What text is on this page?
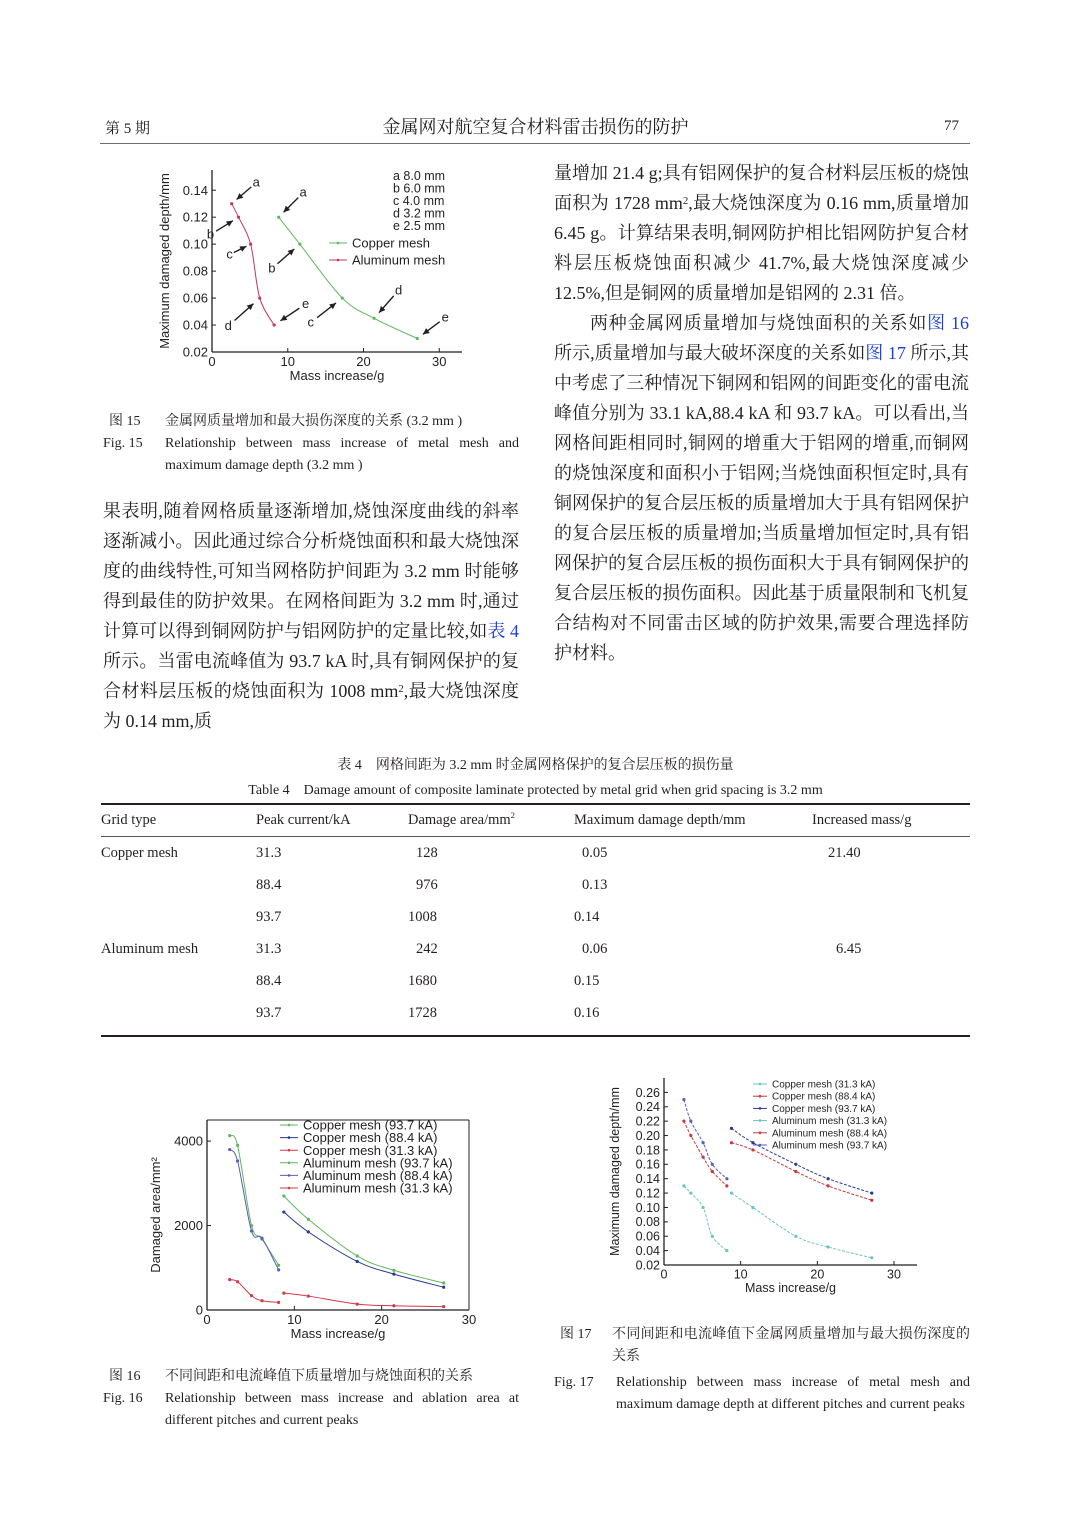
第 5 期	金属网对航空复合材料雷击损伤的防护	77
0	10	20	30
0.02
0.04
0.06
0.08
0.10
0.12
0.14
Mass increase/g
Maximum damaged depth/mm	Copper mesh
Aluminum mesh
a 8.0 mm
b 6.0 mm
c 4.0 mm
d 3.2 mm
e 2.5 mm
a
b
c
d
e
a
b
c
d
e
图 15	金属网质量增加和最大损伤深度的关系 (3.2 mm )
Fig. 15	Relationship between mass increase of metal mesh and maximum damage depth (3.2 mm )

果表明,随着网格质量逐渐增加,烧蚀深度曲线的斜率逐渐减小。因此通过综合分析烧蚀面积和最大烧蚀深度的曲线特性,可知当网格防护间距为 3.2 mm 时能够得到最佳的防护效果。在网格间距为 3.2 mm 时,通过计算可以得到铜网防护与铝网防护的定量比较,如表 4 所示。当雷电流峰值为 93.7 kA 时,具有铜网保护的复合材料层压板的烧蚀面积为 1008 $mm^2$,最大烧蚀深度为 0.14 mm,质

量增加 21.4 g;具有铝网保护的复合材料层压板的烧蚀面积为 1728 $mm^2$,最大烧蚀深度为 0.16 mm,质量增加 6.45 g。计算结果表明,铜网防护相比铝网防护复合材料层压板烧蚀面积减少 41.7%,最大烧蚀深度减少 12.5%,但是铜网的质量增加是铝网的 2.31 倍。

两种金属网质量增加与烧蚀面积的关系如图 16 所示,质量增加与最大破坏深度的关系如图 17 所示,其中考虑了三种情况下铜网和铝网的间距变化的雷电流峰值分别为 33.1 kA,88.4 kA 和 93.7 kA。可以看出,当网格间距相同时,铜网的增重大于铝网的增重,而铜网的烧蚀深度和面积小于铝网;当烧蚀面积恒定时,具有铜网保护的复合层压板的质量增加大于具有铝网保护的复合层压板的质量增加;当质量增加恒定时,具有铝网保护的复合层压板的损伤面积大于具有铜网保护的复合层压板的损伤面积。因此基于质量限制和飞机复合结构对不同雷击区域的防护效果,需要合理选择防护材料。

表 4　网格间距为 3.2 mm 时金属网格保护的复合层压板的损伤量
Table 4　Damage amount of composite laminate protected by metal grid when grid spacing is 3.2 mm
Grid type	Peak current/kA	Damage area/$mm^2$	Maximum damage depth/mm	Increased mass/g
Copper mesh	31.3	128	0.05	21.40
88.4	976	0.13
93.7	1008	0.14
Aluminum mesh	31.3	242	0.06	6.45
88.4	1680	0.15
93.7	1728	0.16
0	10	20	30
0
2000
4000
Mass increase/g
Damaged area/mm²
Copper mesh (93.7 kA)
Copper mesh (88.4 kA)
Copper mesh (31.3 kA)
Aluminum mesh (93.7 kA)
Aluminum mesh (88.4 kA)
Aluminum mesh (31.3 kA)
图 16	不同间距和电流峰值下质量增加与烧蚀面积的关系
Fig. 16	Relationship between mass increase and ablation area at different pitches and current peaks
0	10	20	30
0.02
0.04
0.06
0.08
0.10
0.12
0.14
0.16
0.18
0.20
0.22
0.24
0.26
Mass increase/g
Maximum damaged depth/mm
Copper mesh (31.3 kA)
Copper mesh (88.4 kA)
Copper mesh (93.7 kA)
Aluminum mesh (31.3 kA)
Aluminum mesh (88.4 kA)
Aluminum mesh (93.7 kA)
图 17	不同间距和电流峰值下金属网质量增加与最大损伤深度的关系
Fig. 17	Relationship between mass increase of metal mesh and maximum damage depth at different pitches and current peaks
